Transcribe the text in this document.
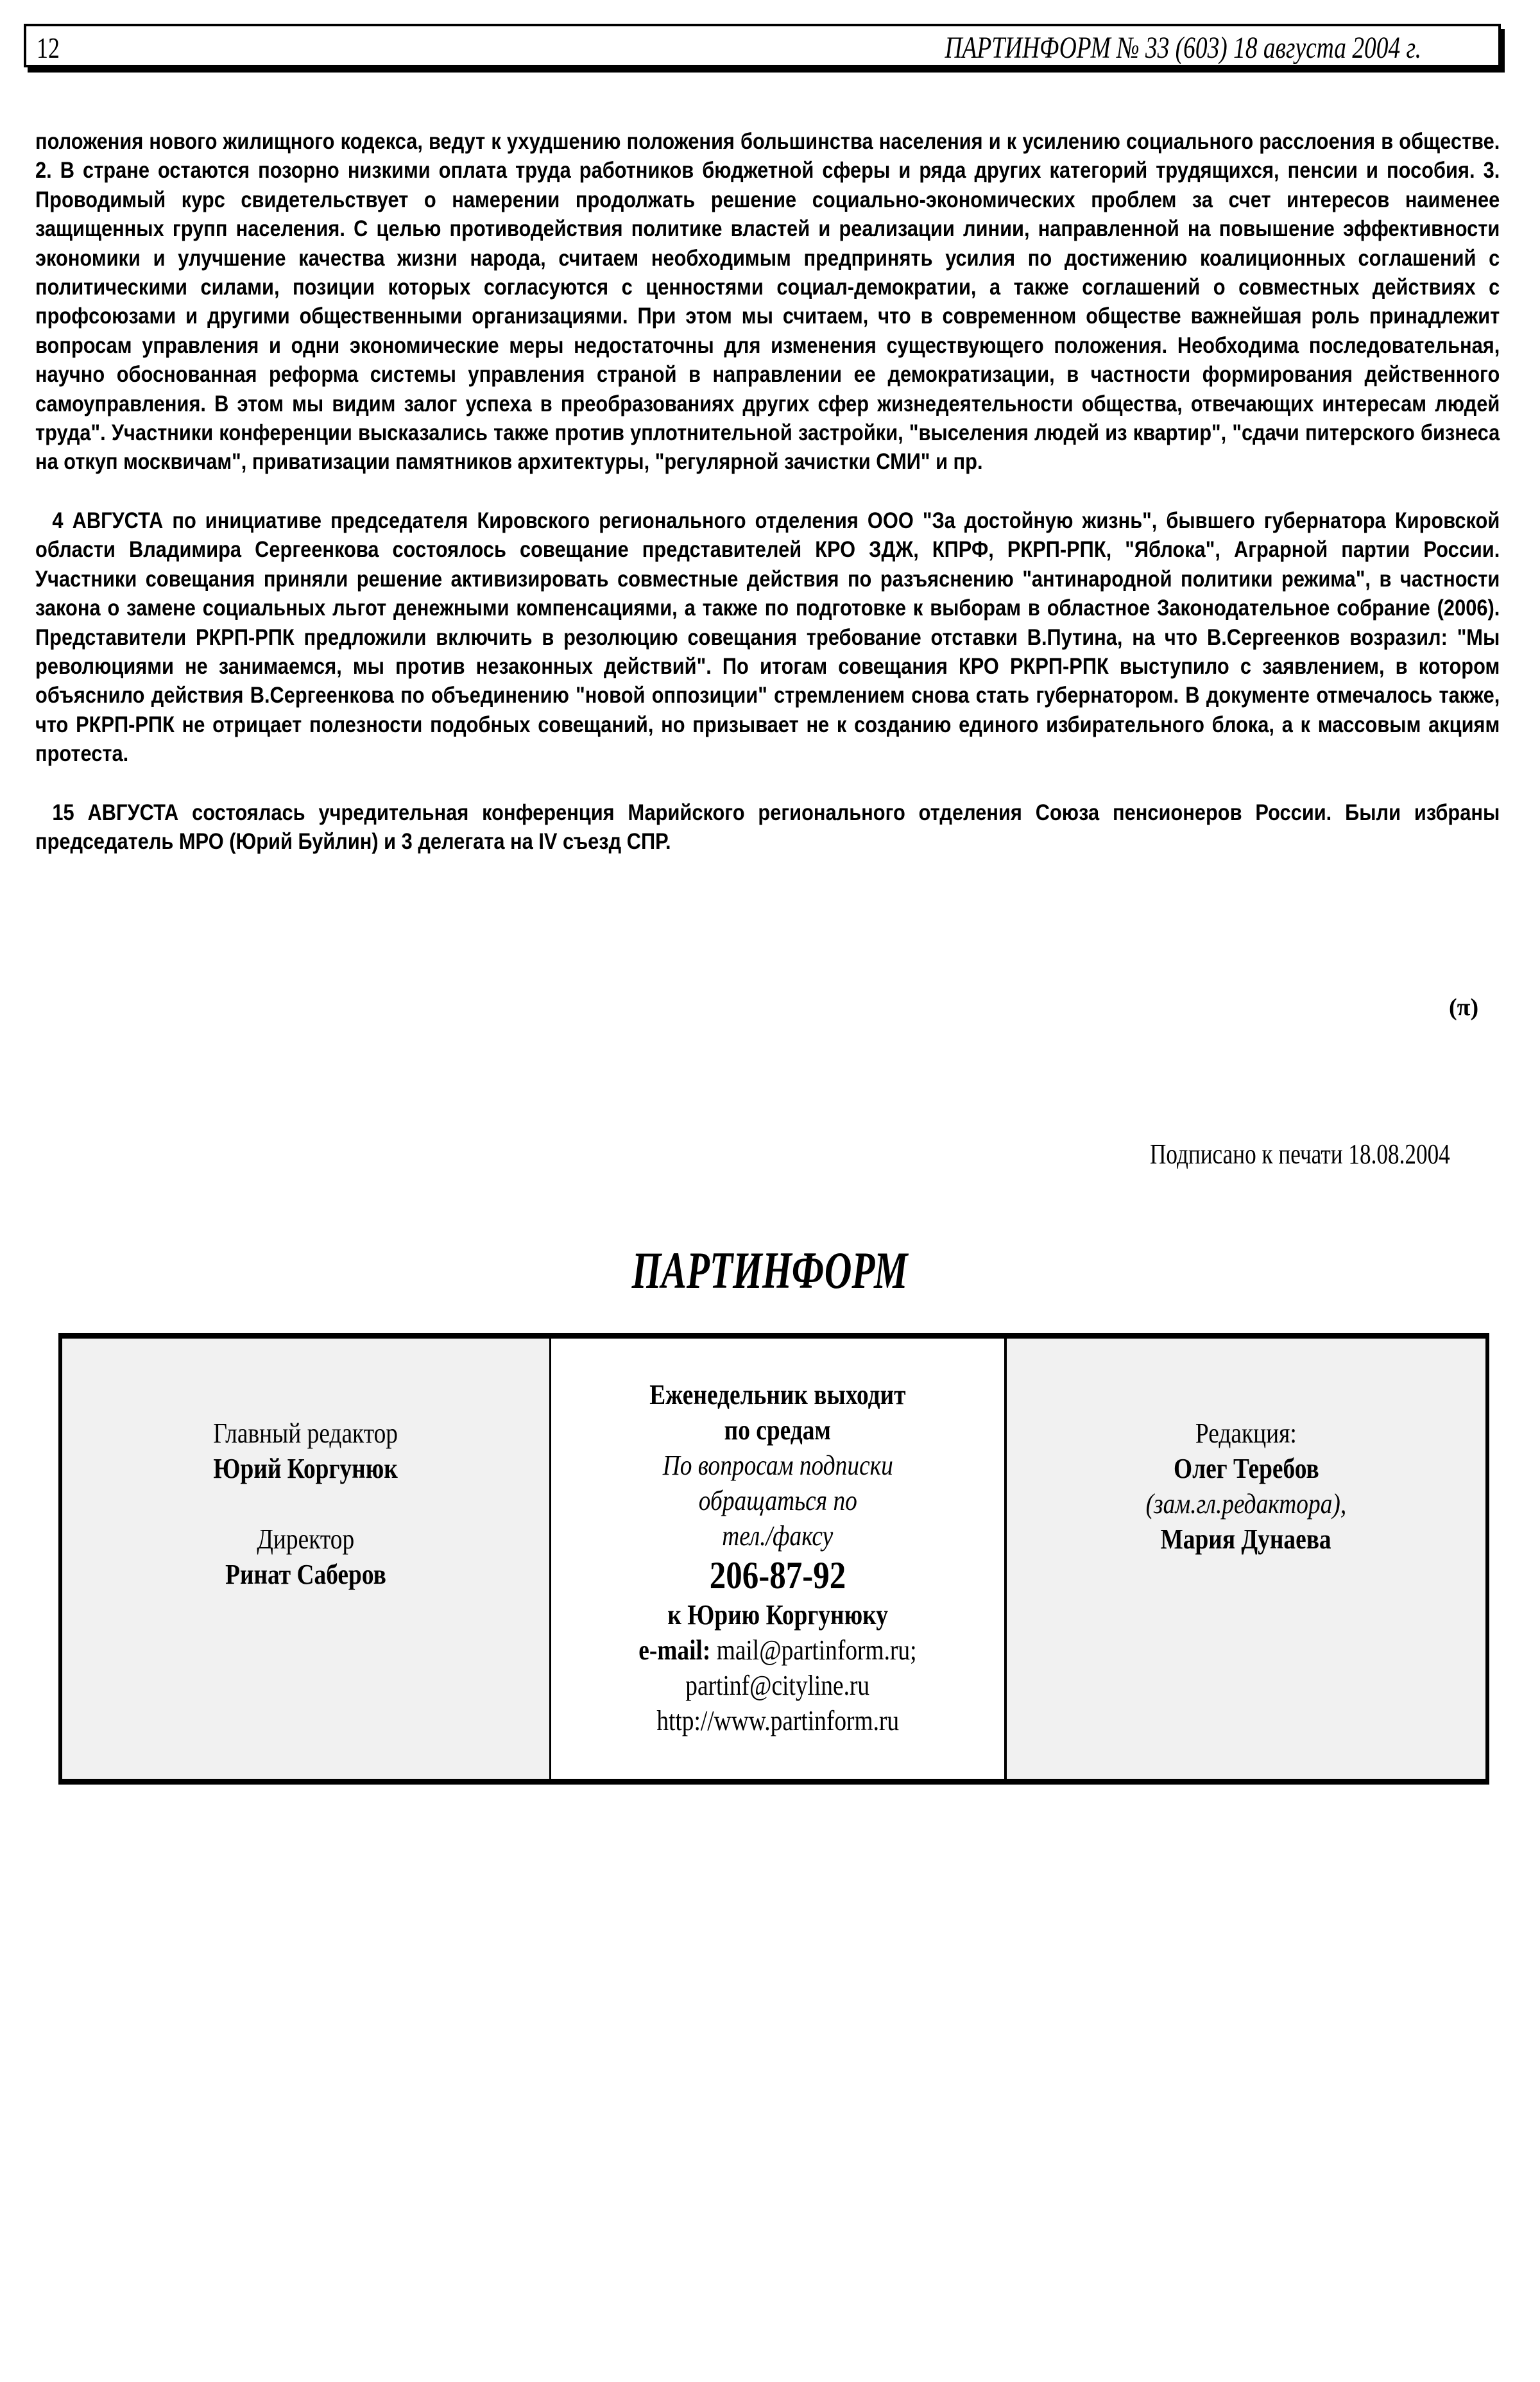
12	ПАРТИНФОРМ № 33 (603) 18 августа 2004 г.

положения нового жилищного кодекса, ведут к ухудшению положения большинства населения и к усилению социального расслоения в обществе. 2. В стране остаются позорно низкими оплата труда работников бюджетной сферы и ряда других категорий трудящихся, пенсии и пособия. 3. Проводимый курс свидетельствует о намерении продолжать решение социально-экономических проблем за счет интересов наименее защищенных групп населения. С целью противодействия политике властей и реализации линии, направленной на повышение эффективности экономики и улучшение качества жизни народа, считаем необходимым предпринять усилия по достижению коалиционных соглашений с политическими силами, позиции которых согласуются с ценностями социал-демократии, а также соглашений о совместных действиях с профсоюзами и другими общественными организациями. При этом мы считаем, что в современном обществе важнейшая роль принадлежит вопросам управления и одни экономические меры недостаточны для изменения существующего положения. Необходима последовательная, научно обоснованная реформа системы управления страной в направлении ее демократизации, в частности формирования действенного самоуправления. В этом мы видим залог успеха в преобразованиях других сфер жизнедеятельности общества, отвечающих интересам людей труда". Участники конференции высказались также против уплотнительной застройки, "выселения людей из квартир", "сдачи питерского бизнеса на откуп москвичам", приватизации памятников архитектуры, "регулярной зачистки СМИ" и пр.

4 АВГУСТА по инициативе председателя Кировского регионального отделения ООО "За достойную жизнь", бывшего губернатора Кировской области Владимира Сергеенкова состоялось совещание представителей КРО ЗДЖ, КПРФ, РКРП-РПК, "Яблока", Аграрной партии России. Участники совещания приняли решение активизировать совместные действия по разъяснению "антинародной политики режима", в частности закона о замене социальных льгот денежными компенсациями, а также по подготовке к выборам в областное Законодательное собрание (2006). Представители РКРП-РПК предложили включить в резолюцию совещания требование отставки В.Путина, на что В.Сергеенков возразил: "Мы революциями не занимаемся, мы против незаконных действий". По итогам совещания КРО РКРП-РПК выступило с заявлением, в котором объяснило действия В.Сергеенкова по объединению "новой оппозиции" стремлением снова стать губернатором. В документе отмечалось также, что РКРП-РПК не отрицает полезности подобных совещаний, но призывает не к созданию единого избирательного блока, а к массовым акциям протеста.

15 АВГУСТА состоялась учредительная конференция Марийского регионального отделения Союза пенсионеров России. Были избраны председатель МРО (Юрий Буйлин) и 3 делегата на IV съезд СПР.

(π)
Подписано к печати 18.08.2004
ПАРТИНФОРМ
Главный редактор
Юрий Коргунюк
Директор
Ринат Саберов
Еженедельник выходит
по средам
По вопросам подписки
обращаться по
тел./факсу
206-87-92
к Юрию Коргунюку
e-mail: mail@partinform.ru;
partinf@cityline.ru
http://www.partinform.ru
Редакция:
Олег Теребов
(зам.гл.редактора),
Мария Дунаева
